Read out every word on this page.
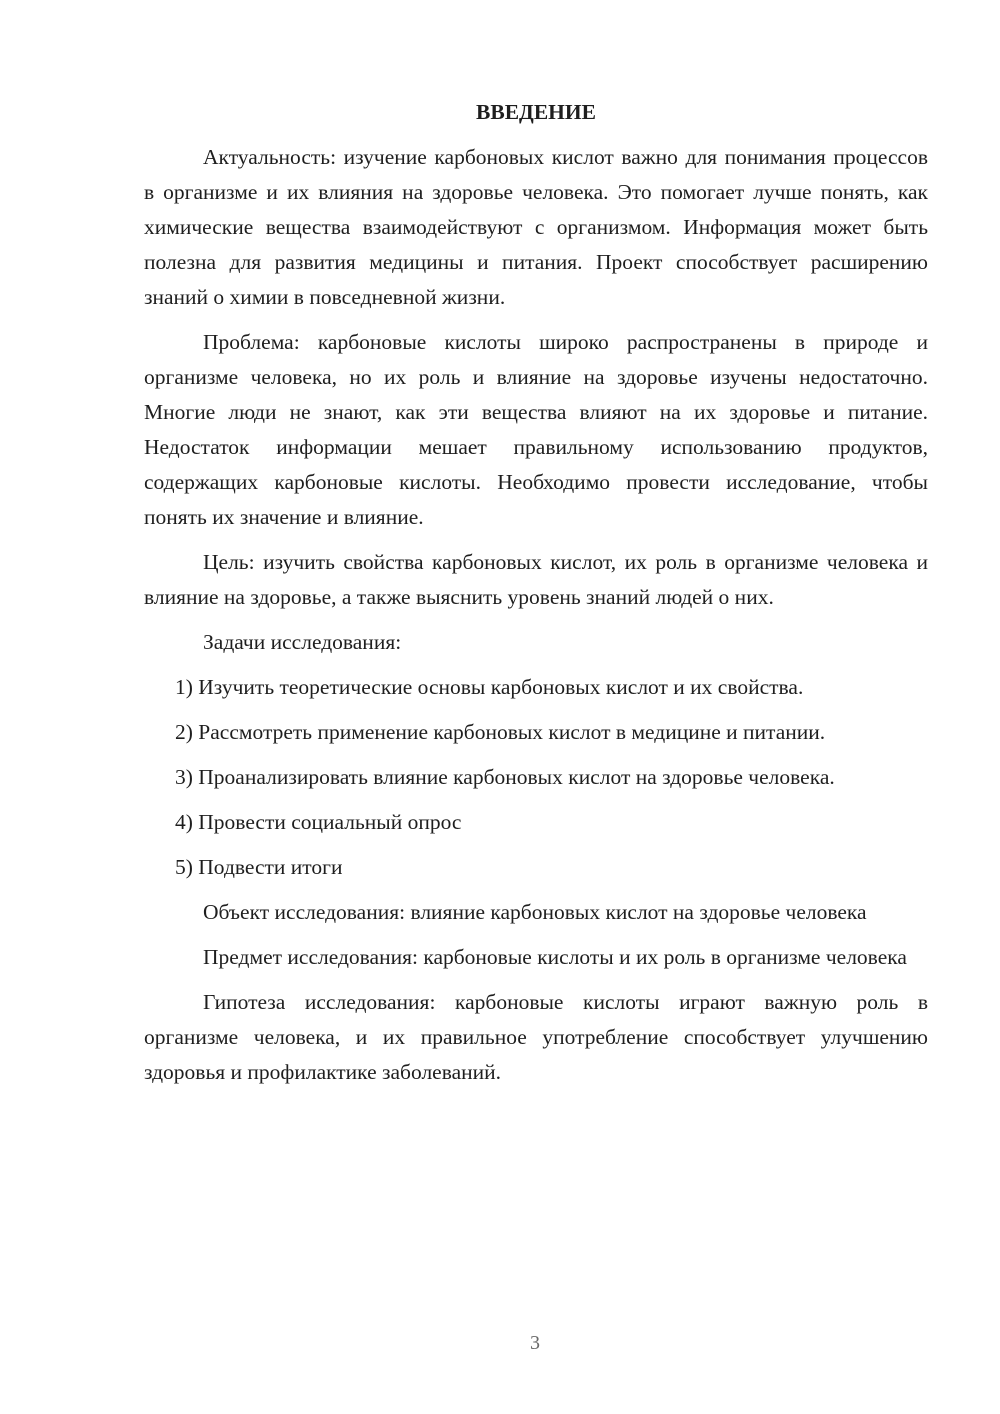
ВВЕДЕНИЕ

Актуальность: изучение карбоновых кислот важно для понимания процессов в организме и их влияния на здоровье человека. Это помогает лучше понять, как химические вещества взаимодействуют с организмом. Информация может быть полезна для развития медицины и питания. Проект способствует расширению знаний о химии в повседневной жизни.

Проблема: карбоновые кислоты широко распространены в природе и организме человека, но их роль и влияние на здоровье изучены недостаточно. Многие люди не знают, как эти вещества влияют на их здоровье и питание. Недостаток информации мешает правильному использованию продуктов, содержащих карбоновые кислоты. Необходимо провести исследование, чтобы понять их значение и влияние.

Цель: изучить свойства карбоновых кислот, их роль в организме человека и влияние на здоровье, а также выяснить уровень знаний людей о них.

Задачи исследования:

1) Изучить теоретические основы карбоновых кислот и их свойства.

2) Рассмотреть применение карбоновых кислот в медицине и питании.

3) Проанализировать влияние карбоновых кислот на здоровье человека.

4) Провести социальный опрос

5) Подвести итоги

Объект исследования: влияние карбоновых кислот на здоровье человека

Предмет исследования: карбоновые кислоты и их роль в организме человека

Гипотеза исследования: карбоновые кислоты играют важную роль в организме человека, и их правильное употребление способствует улучшению здоровья и профилактике заболеваний.

3
